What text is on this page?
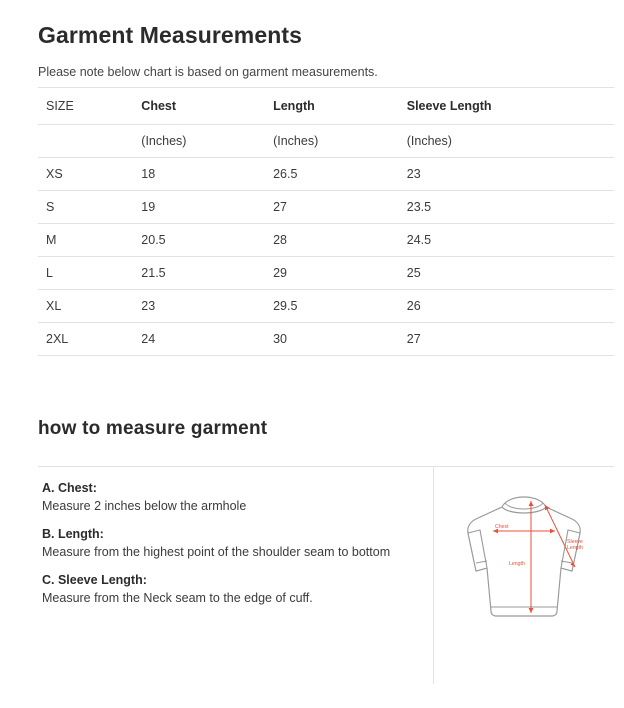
Garment Measurements

Please note below chart is based on garment measurements.

SIZE	Chest	Length	Sleeve Length
	(Inches)	(Inches)	(Inches)
XS	18	26.5	23
S	19	27	23.5
M	20.5	28	24.5
L	21.5	29	25
XL	23	29.5	26
2XL	24	30	27
how to measure garment
A. Chest:
Measure 2 inches below the armhole
B. Length:
Measure from the highest point of the shoulder seam to bottom
C. Sleeve Length:
Measure from the Neck seam to the edge of cuff.
Chest
Length
Sleeve Length
